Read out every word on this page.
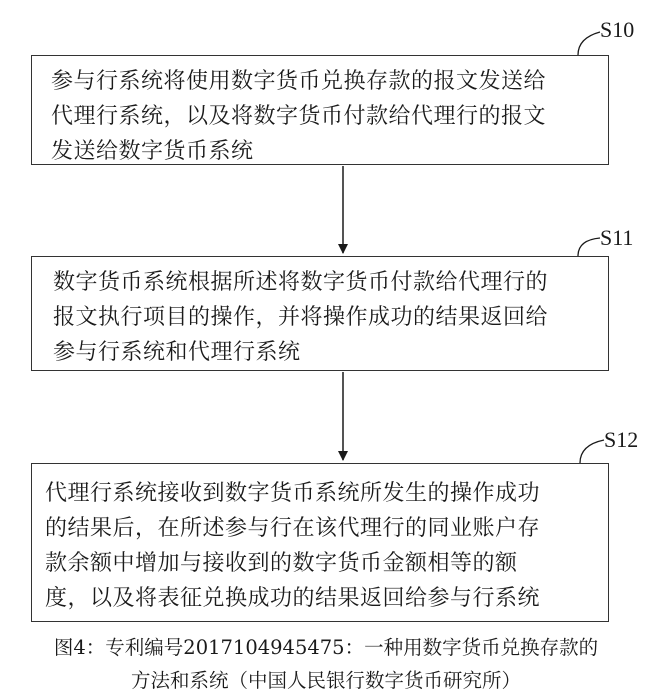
S10
S11
S12
参与行系统将使用数字货币兑换存款的报文发送给
代理行系统，以及将数字货币付款给代理行的报文
发送给数字货币系统
数字货币系统根据所述将数字货币付款给代理行的
报文执行项目的操作，并将操作成功的结果返回给
参与行系统和代理行系统
代理行系统接收到数字货币系统所发生的操作成功
的结果后，在所述参与行在该代理行的同业账户存
款余额中增加与接收到的数字货币金额相等的额
度，以及将表征兑换成功的结果返回给参与行系统
图4：专利编号2017104945475：一种用数字货币兑换存款的
方法和系统（中国人民银行数字货币研究所）
